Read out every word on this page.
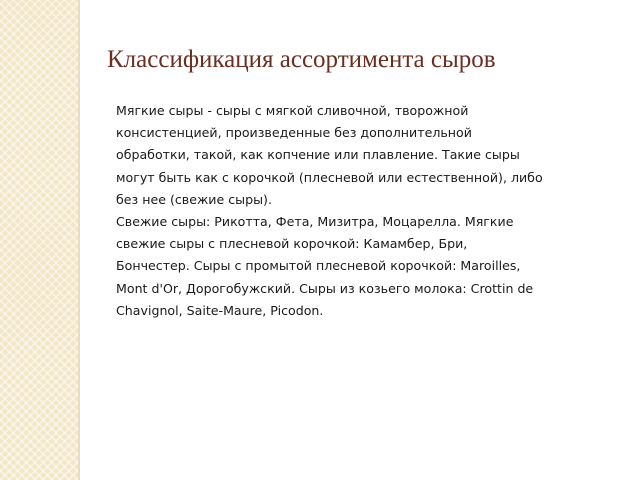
Классификация ассортимента сыров
Мягкие сыры - сыры с мягкой сливочной, творожной
консистенцией, произведенные без дополнительной
обработки, такой, как копчение или плавление. Такие сыры
могут быть как с корочкой (плесневой или естественной), либо
без нее (свежие сыры).
Свежие сыры: Рикотта, Фета, Мизитра, Моцарелла. Мягкие
свежие сыры с плесневой корочкой: Камамбер, Бри,
Бончестер. Сыры с промытой плесневой корочкой: Maroilles,
Mont d'Or, Дорогобужский. Сыры из козьего молока: Crottin de
Chavignol, Saite-Maure, Picodon.
